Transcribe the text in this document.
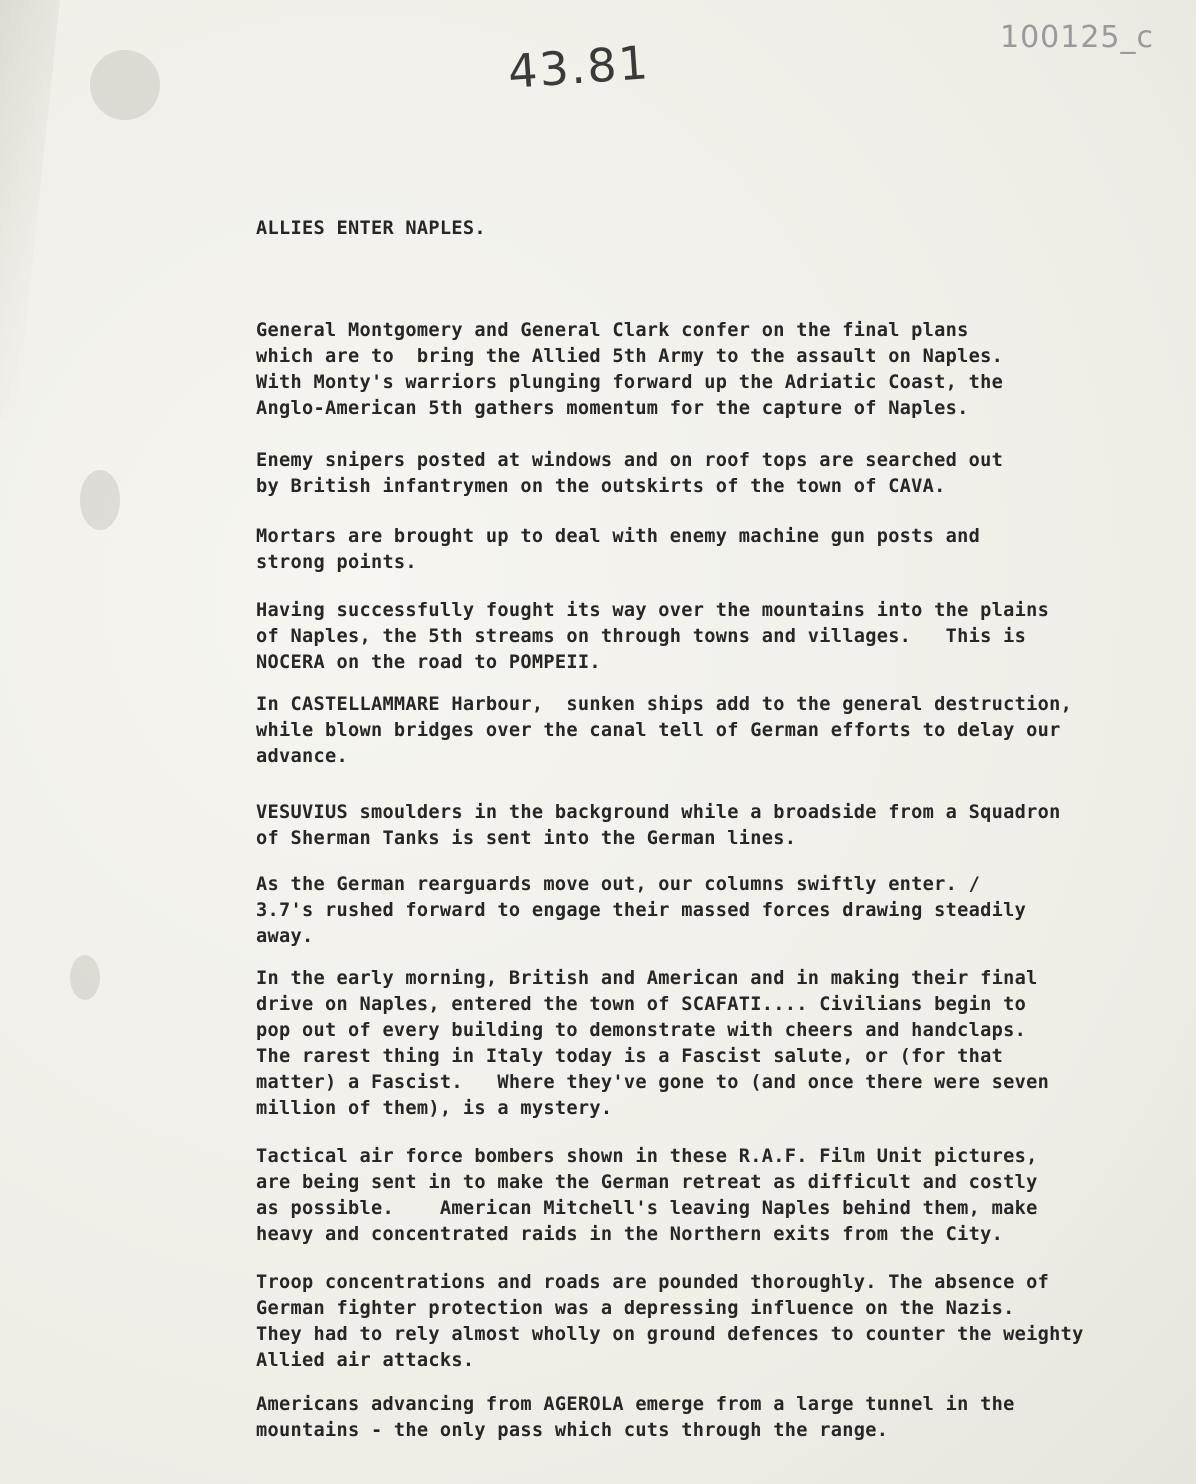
43.81	100125_c
ALLIES ENTER NAPLES.
General Montgomery and General Clark confer on the final plans
which are to  bring the Allied 5th Army to the assault on Naples.
With Monty's warriors plunging forward up the Adriatic Coast, the
Anglo-American 5th gathers momentum for the capture of Naples.
Enemy snipers posted at windows and on roof tops are searched out
by British infantrymen on the outskirts of the town of CAVA.
Mortars are brought up to deal with enemy machine gun posts and
strong points.
Having successfully fought its way over the mountains into the plains
of Naples, the 5th streams on through towns and villages.   This is
NOCERA on the road to POMPEII.
In CASTELLAMMARE Harbour,  sunken ships add to the general destruction,
while blown bridges over the canal tell of German efforts to delay our
advance.
VESUVIUS smoulders in the background while a broadside from a Squadron
of Sherman Tanks is sent into the German lines.
As the German rearguards move out, our columns swiftly enter. /
3.7's rushed forward to engage their massed forces drawing steadily
away.
In the early morning, British and American and in making their final
drive on Naples, entered the town of SCAFATI.... Civilians begin to
pop out of every building to demonstrate with cheers and handclaps.
The rarest thing in Italy today is a Fascist salute, or (for that
matter) a Fascist.   Where they've gone to (and once there were seven
million of them), is a mystery.
Tactical air force bombers shown in these R.A.F. Film Unit pictures,
are being sent in to make the German retreat as difficult and costly
as possible.    American Mitchell's leaving Naples behind them, make
heavy and concentrated raids in the Northern exits from the City.
Troop concentrations and roads are pounded thoroughly. The absence of
German fighter protection was a depressing influence on the Nazis.
They had to rely almost wholly on ground defences to counter the weighty
Allied air attacks.
Americans advancing from AGEROLA emerge from a large tunnel in the
mountains - the only pass which cuts through the range.
